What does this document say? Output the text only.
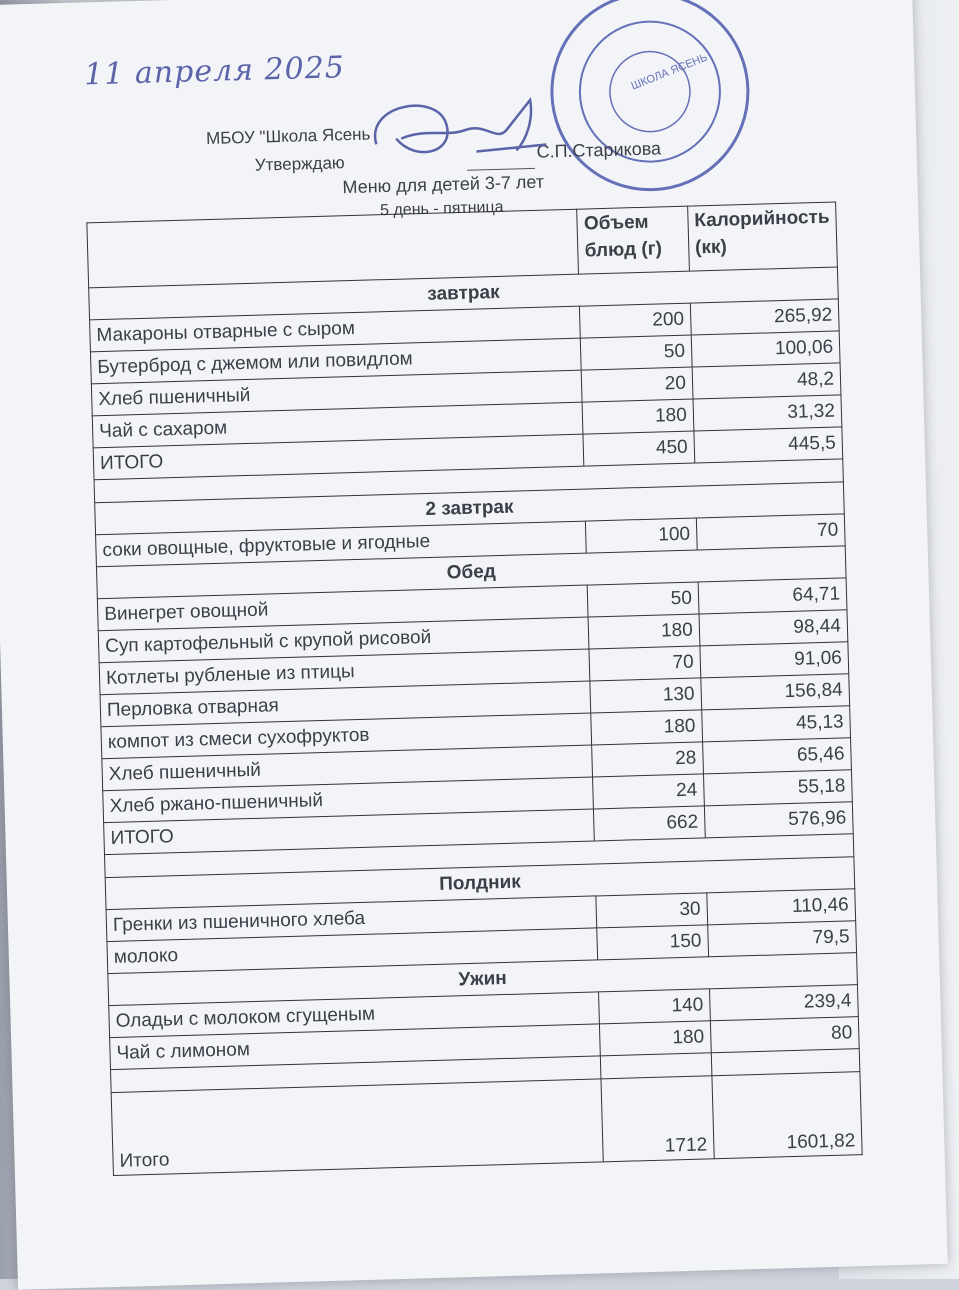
11 апреля 2025	ШКОЛА ЯСЕНЬ
МБОУ "Школа Ясень
Утверждаю
С.П.Старикова
Меню для детей 3-7 лет
5 день - пятница
	Объем блюд (г)	Калорийность (кк)
завтрак		
Макароны отварные с сыром	200	265,92
Бутерброд с джемом или повидлом	50	100,06
Хлеб пшеничный	20	48,2
Чай с сахаром	180	31,32
ИТОГО	450	445,5

2 завтрак		
соки овощные, фруктовые и ягодные	100	70
Обед		
Винегрет овощной	50	64,71
Суп картофельный с крупой рисовой	180	98,44
Котлеты рубленые из птицы	70	91,06
Перловка отварная	130	156,84
компот из смеси сухофруктов	180	45,13
Хлеб пшеничный	28	65,46
Хлеб ржано-пшеничный	24	55,18
ИТОГО	662	576,96

Полдник		
Гренки из пшеничного хлеба	30	110,46
молоко	150	79,5
Ужин		
Оладьи с молоком сгущеным	140	239,4
Чай с лимоном	180	80

Итого	1712	1601,82
